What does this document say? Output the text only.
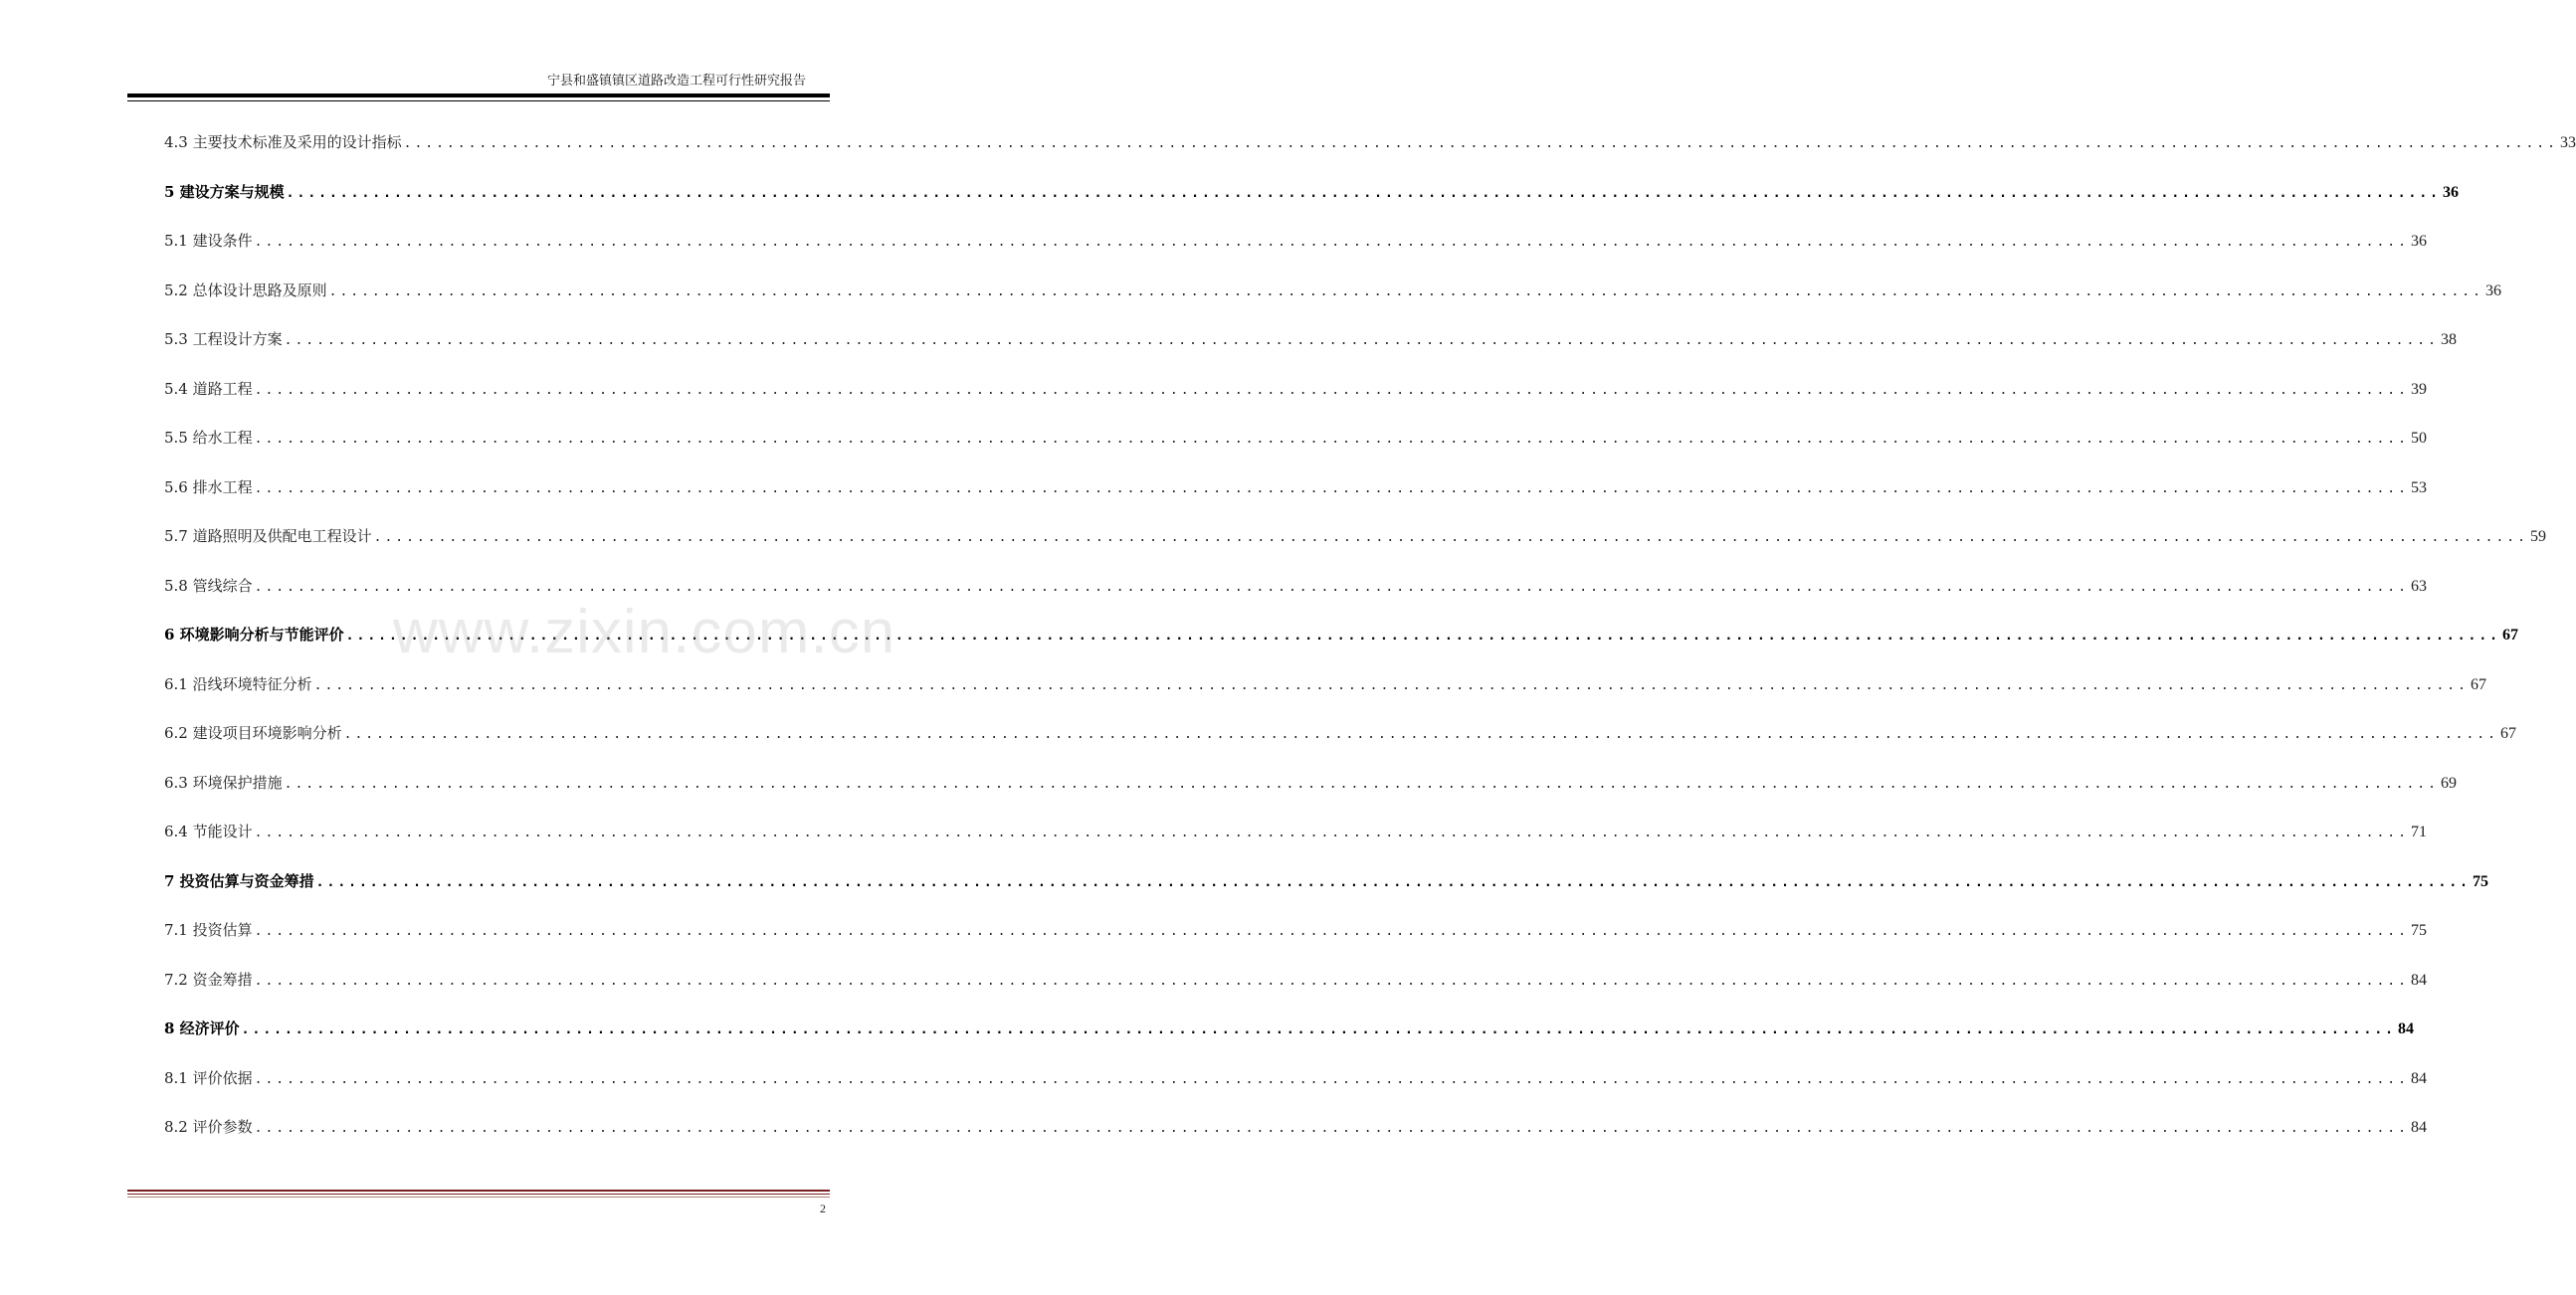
宁县和盛镇镇区道路改造工程可行性研究报告
4.3 主要技术标准及采用的设计指标 ........................................................................................................................................................................................................ 33
5 建设方案与规模 ........................................................................................................................................................................................................ 36
5.1 建设条件 ........................................................................................................................................................................................................ 36
5.2 总体设计思路及原则 ........................................................................................................................................................................................................ 36
5.3 工程设计方案 ........................................................................................................................................................................................................ 38
5.4 道路工程 ........................................................................................................................................................................................................ 39
5.5 给水工程 ........................................................................................................................................................................................................ 50
5.6 排水工程 ........................................................................................................................................................................................................ 53
5.7 道路照明及供配电工程设计 ........................................................................................................................................................................................................ 59
5.8 管线综合 ........................................................................................................................................................................................................ 63
6 环境影响分析与节能评价 ........................................................................................................................................................................................................ 67
6.1 沿线环境特征分析 ........................................................................................................................................................................................................ 67
6.2 建设项目环境影响分析 ........................................................................................................................................................................................................ 67
6.3 环境保护措施 ........................................................................................................................................................................................................ 69
6.4 节能设计 ........................................................................................................................................................................................................ 71
7 投资估算与资金筹措 ........................................................................................................................................................................................................ 75
7.1 投资估算 ........................................................................................................................................................................................................ 75
7.2 资金筹措 ........................................................................................................................................................................................................ 84
8 经济评价 ........................................................................................................................................................................................................ 84
8.1 评价依据 ........................................................................................................................................................................................................ 84
8.2 评价参数 ........................................................................................................................................................................................................ 84
www.zixin.com.cn
2
